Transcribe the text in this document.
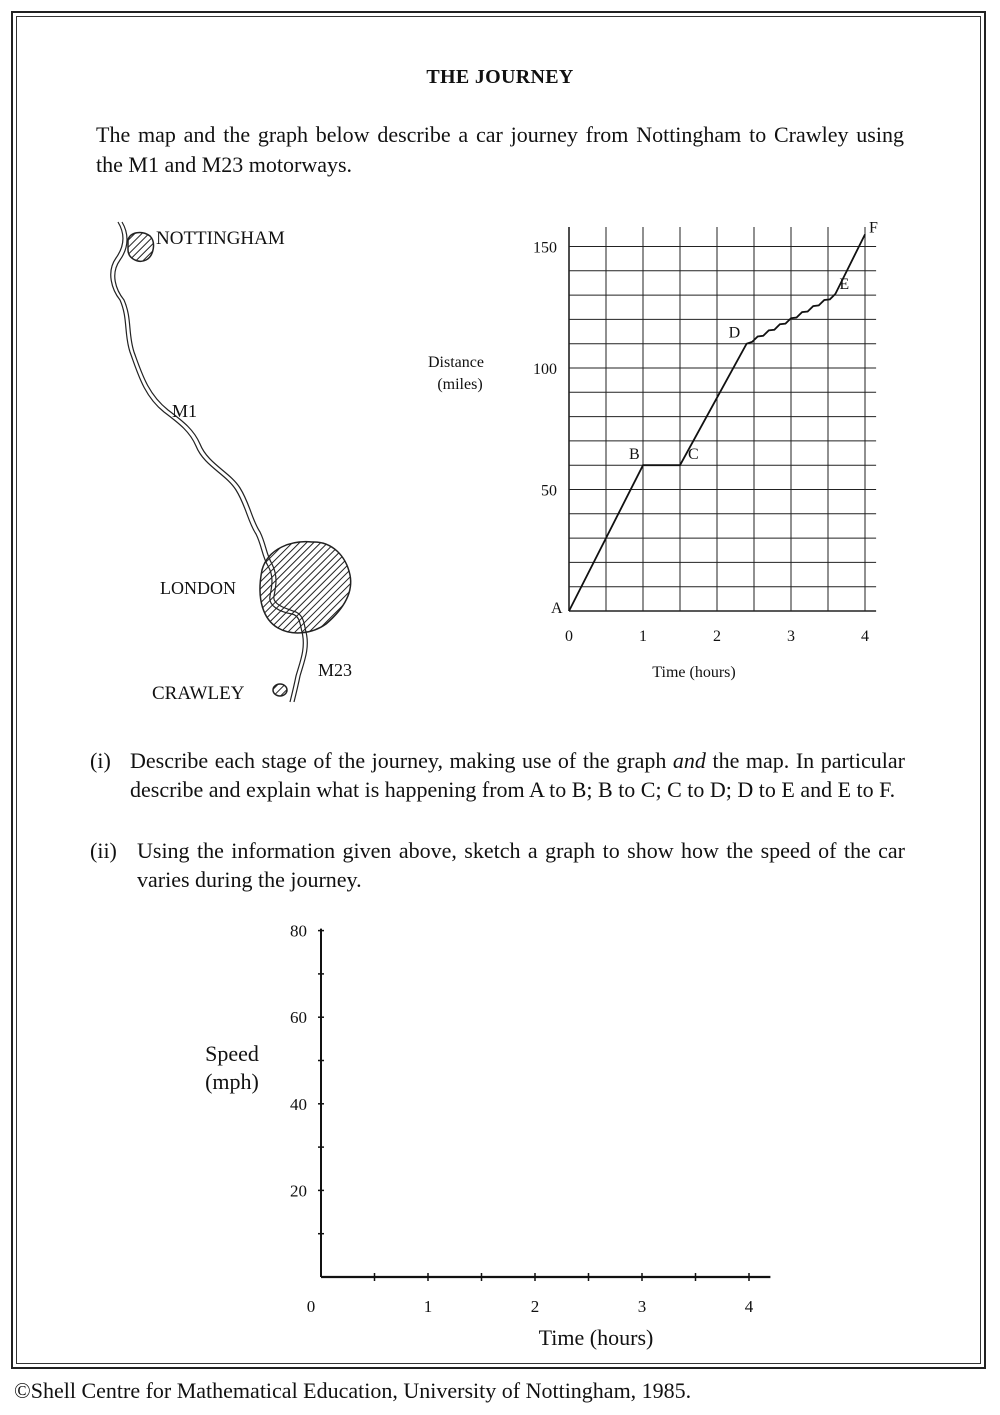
THE JOURNEY
The map and the graph below describe a car journey from Nottingham to Crawley using the M1 and M23 motorways.
NOTTINGHAM
M1
LONDON
M23
CRAWLEY
A
B	C
D
E
F
50
100
150
0	1	2	3	4
Distance
(miles)
Time (hours)
(i) Describe each stage of the journey, making use of the graph and the map. In particular describe and explain what is happening from A to B; B to C; C to D; D to E and E to F.
(ii) Using the information given above, sketch a graph to show how the speed of the car varies during the journey.
20
40
60
80
0	1	2	3	4
Speed
(mph)
Time (hours)
©Shell Centre for Mathematical Education, University of Nottingham, 1985.
